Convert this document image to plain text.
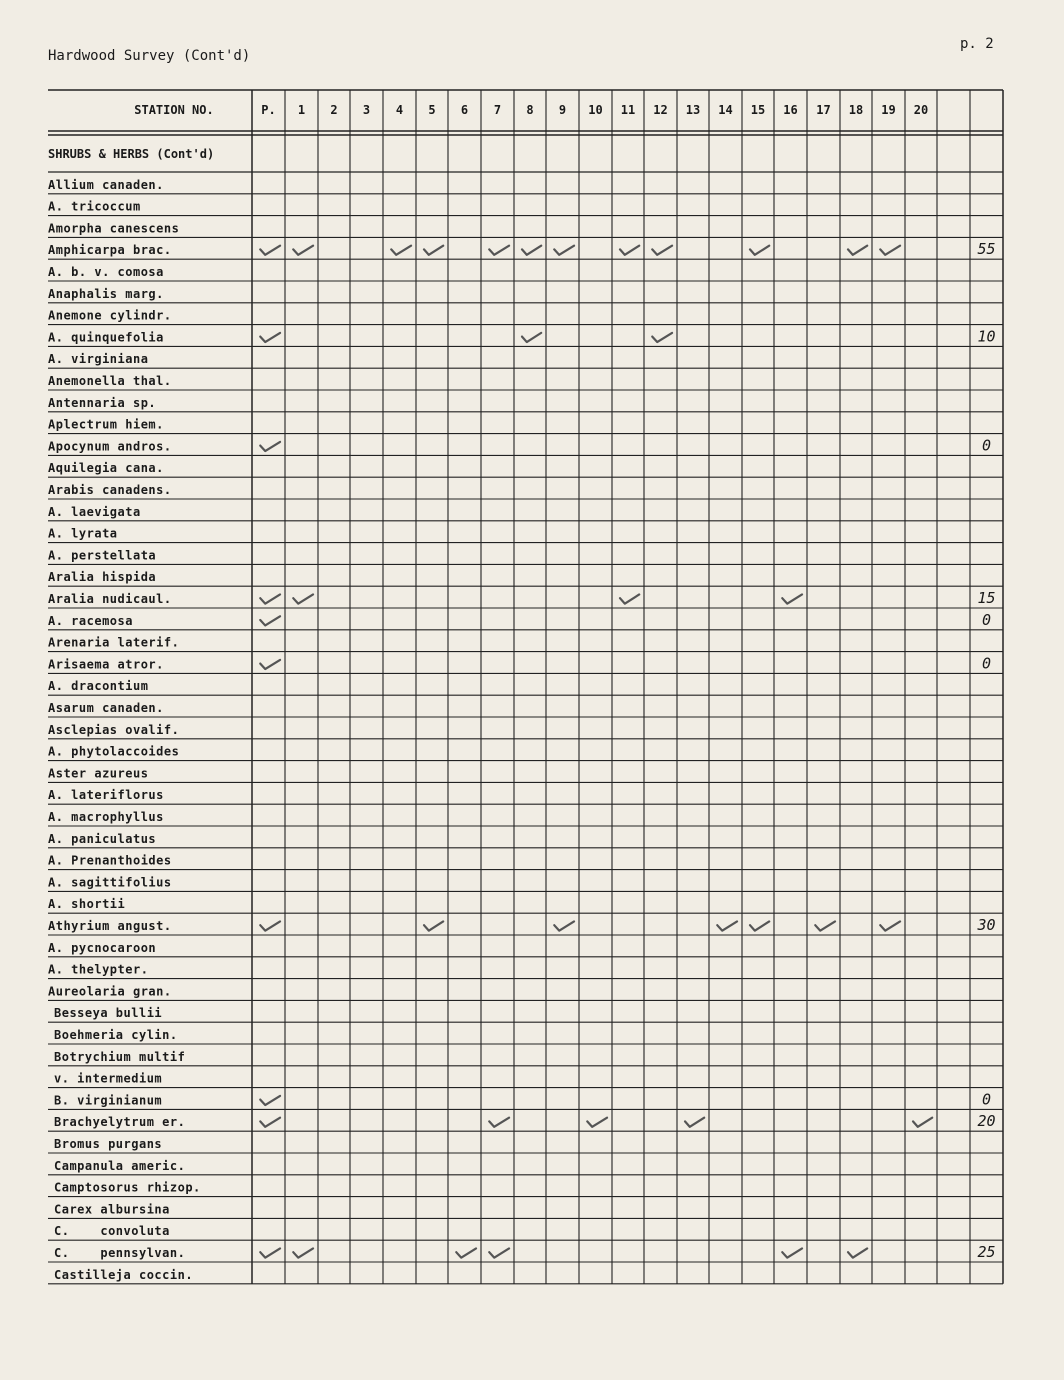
Hardwood Survey (Cont'd)
p. 2
STATION NO.	P. 1 2 3 4 5 6 7 8 9 10 11 12 13 14 15 16 17 18 19 20
SHRUBS & HERBS (Cont'd)
Allium canaden.
A. tricoccum
Amorpha canescens
Amphicarpa brac.
A. b. v. comosa
Anaphalis marg.
Anemone cylindr.
A. quinquefolia
A. virginiana
Anemonella thal.
Antennaria sp.
Aplectrum hiem.
Apocynum andros.
Aquilegia cana.
Arabis canadens.
A. laevigata
A. lyrata
A. perstellata
Aralia hispida
Aralia nudicaul.
A. racemosa
Arenaria laterif.
Arisaema atror.
A. dracontium
Asarum canaden.
Asclepias ovalif.
A. phytolaccoides
Aster azureus
A. lateriflorus
A. macrophyllus
A. paniculatus
A. Prenanthoides
A. sagittifolius
A. shortii
Athyrium angust.
A. pycnocaroon
A. thelypter.
Aureolaria gran.
Besseya bullii
Boehmeria cylin.
Botrychium multif
v. intermedium
B. virginianum
Brachyelytrum er.
Bromus purgans
Campanula americ.
Camptosorus rhizop.
Carex albursina
C.    convoluta
C.    pennsylvan.
Castilleja coccin.
55
10
0
15
0
0
30
0
20
25
